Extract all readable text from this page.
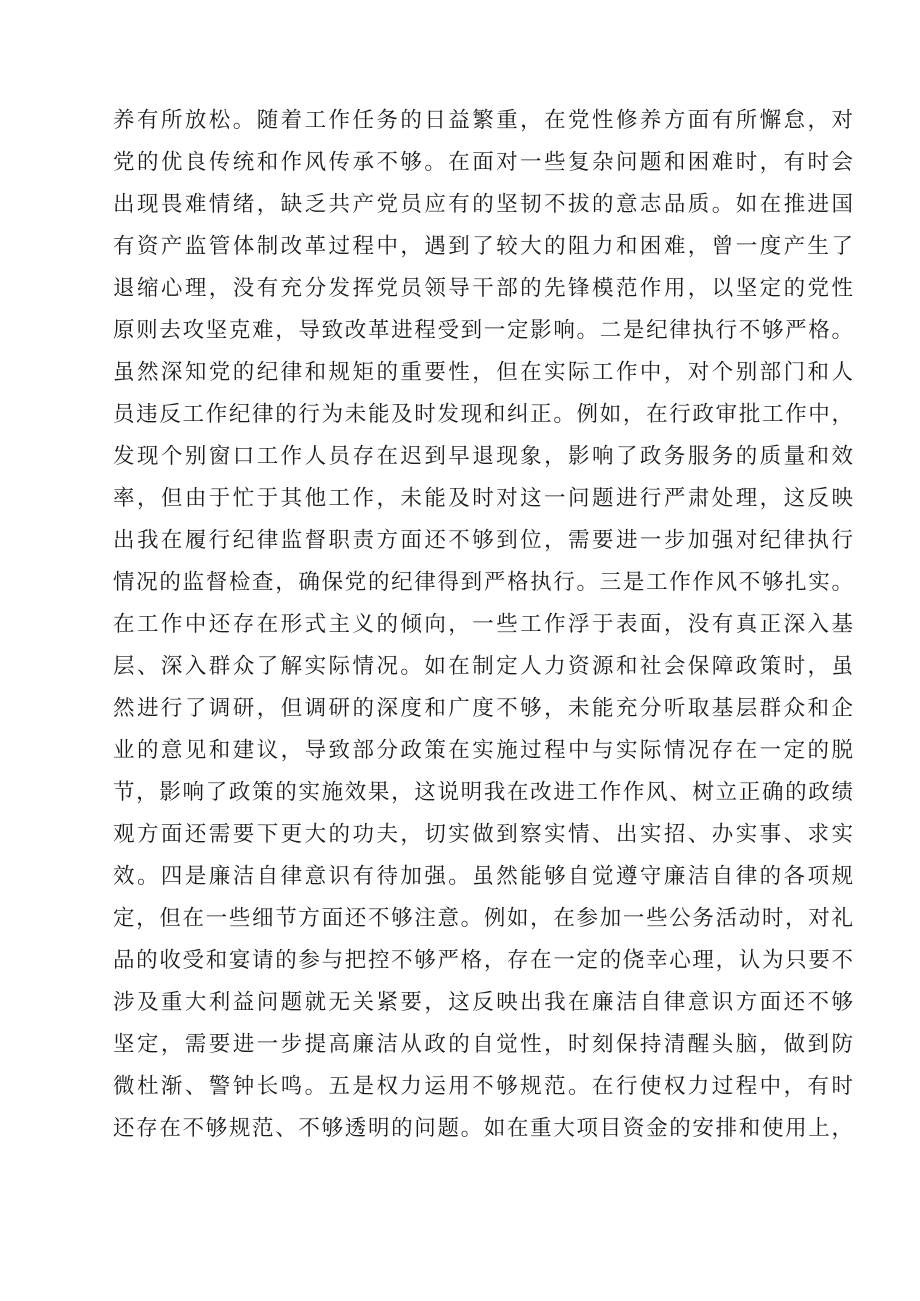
养有所放松。随着工作任务的日益繁重，在党性修养方面有所懈怠，对
党的优良传统和作风传承不够。在面对一些复杂问题和困难时，有时会
出现畏难情绪，缺乏共产党员应有的坚韧不拔的意志品质。如在推进国
有资产监管体制改革过程中，遇到了较大的阻力和困难，曾一度产生了
退缩心理，没有充分发挥党员领导干部的先锋模范作用，以坚定的党性
原则去攻坚克难，导致改革进程受到一定影响。二是纪律执行不够严格。
虽然深知党的纪律和规矩的重要性，但在实际工作中，对个别部门和人
员违反工作纪律的行为未能及时发现和纠正。例如，在行政审批工作中，
发现个别窗口工作人员存在迟到早退现象，影响了政务服务的质量和效
率，但由于忙于其他工作，未能及时对这一问题进行严肃处理，这反映
出我在履行纪律监督职责方面还不够到位，需要进一步加强对纪律执行
情况的监督检查，确保党的纪律得到严格执行。三是工作作风不够扎实。
在工作中还存在形式主义的倾向，一些工作浮于表面，没有真正深入基
层、深入群众了解实际情况。如在制定人力资源和社会保障政策时，虽
然进行了调研，但调研的深度和广度不够，未能充分听取基层群众和企
业的意见和建议，导致部分政策在实施过程中与实际情况存在一定的脱
节，影响了政策的实施效果，这说明我在改进工作作风、树立正确的政绩
观方面还需要下更大的功夫，切实做到察实情、出实招、办实事、求实
效。四是廉洁自律意识有待加强。虽然能够自觉遵守廉洁自律的各项规
定，但在一些细节方面还不够注意。例如，在参加一些公务活动时，对礼
品的收受和宴请的参与把控不够严格，存在一定的侥幸心理，认为只要不
涉及重大利益问题就无关紧要，这反映出我在廉洁自律意识方面还不够
坚定，需要进一步提高廉洁从政的自觉性，时刻保持清醒头脑，做到防
微杜渐、警钟长鸣。五是权力运用不够规范。在行使权力过程中，有时
还存在不够规范、不够透明的问题。如在重大项目资金的安排和使用上，
